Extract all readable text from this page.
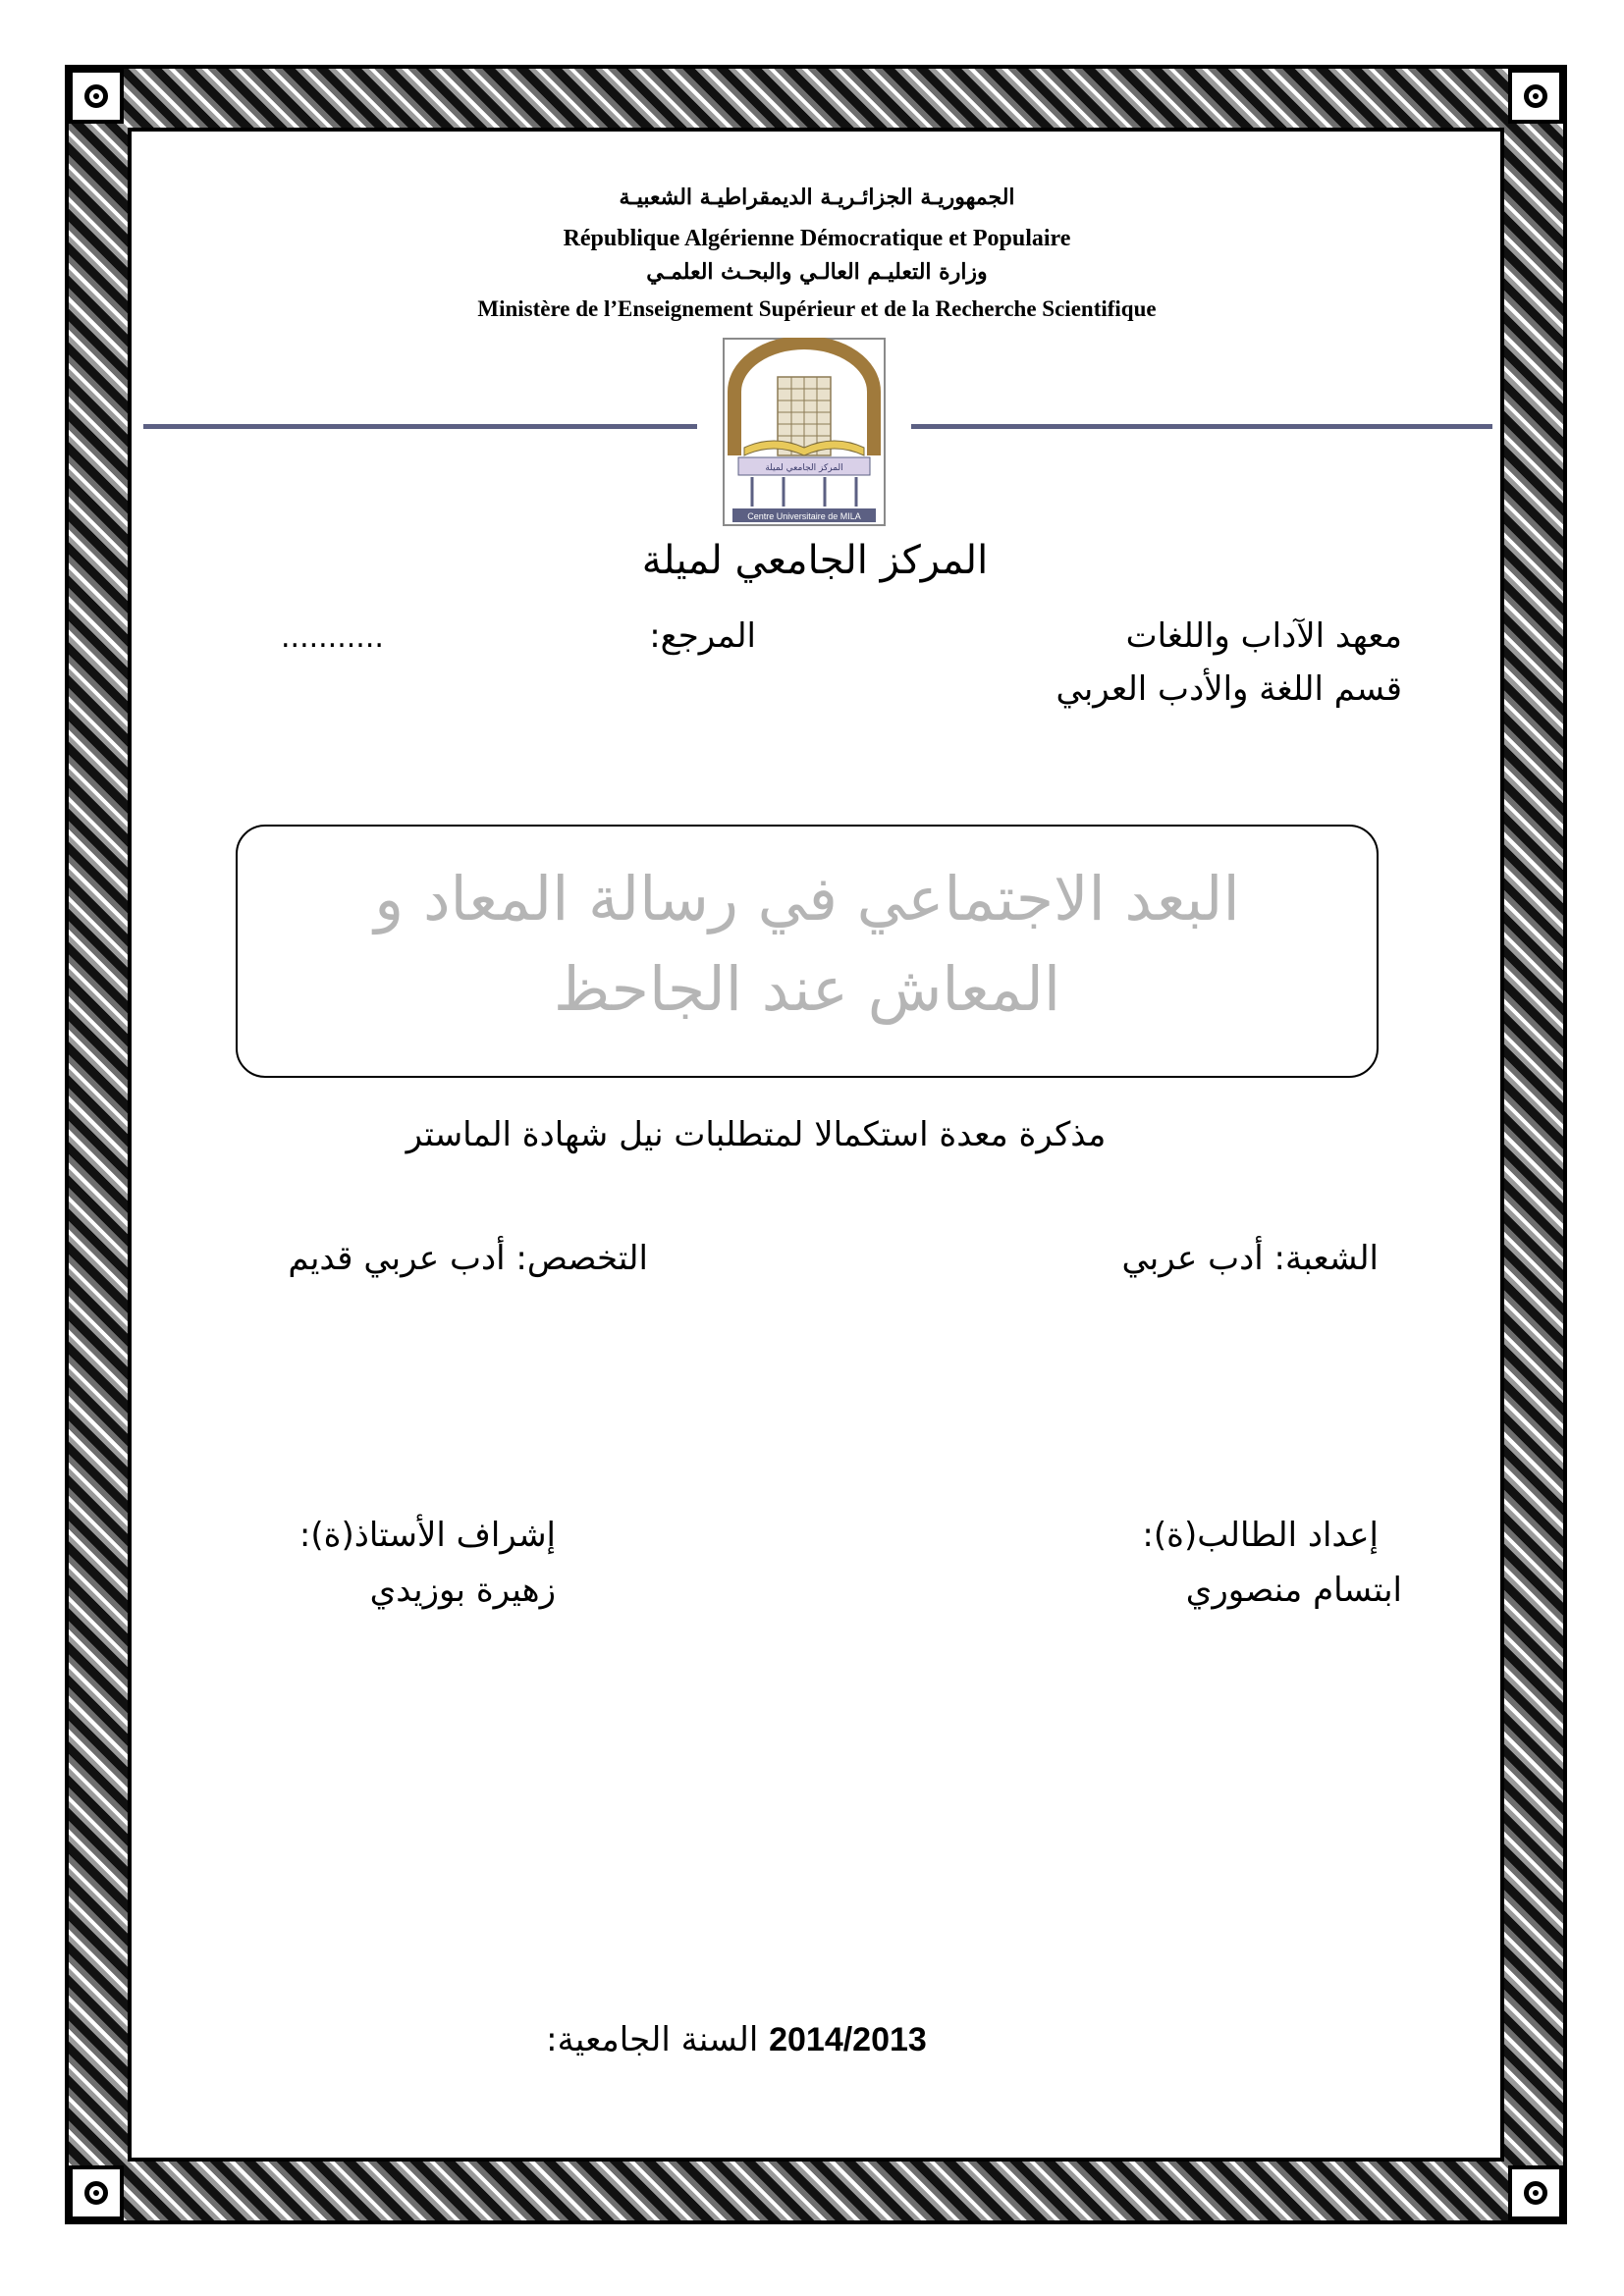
الجمهوريـة الجزائـريـة الديمقراطيـة الشعبيـة
République Algérienne Démocratique et Populaire
وزارة التعليـم العالـي والبحـث العلمـي
Ministère de l’Enseignement Supérieur et de la Recherche Scientifique
المركز الجامعي لميلة
Centre Universitaire de MILA
المركز الجامعي لميلة
معهد الآداب واللغات
قسم اللغة والأدب العربي
المرجع:
...........
البعد الاجتماعي في رسالة المعاد و
المعاش عند الجاحظ
مذكرة معدة استكمالا لمتطلبات نيل شهادة الماستر
الشعبة: أدب عربي
التخصص: أدب عربي قديم
إعداد الطالب(ة):
ابتسام منصوري
إشراف الأستاذ(ة):
زهيرة بوزيدي
السنة الجامعية: 2014/2013
